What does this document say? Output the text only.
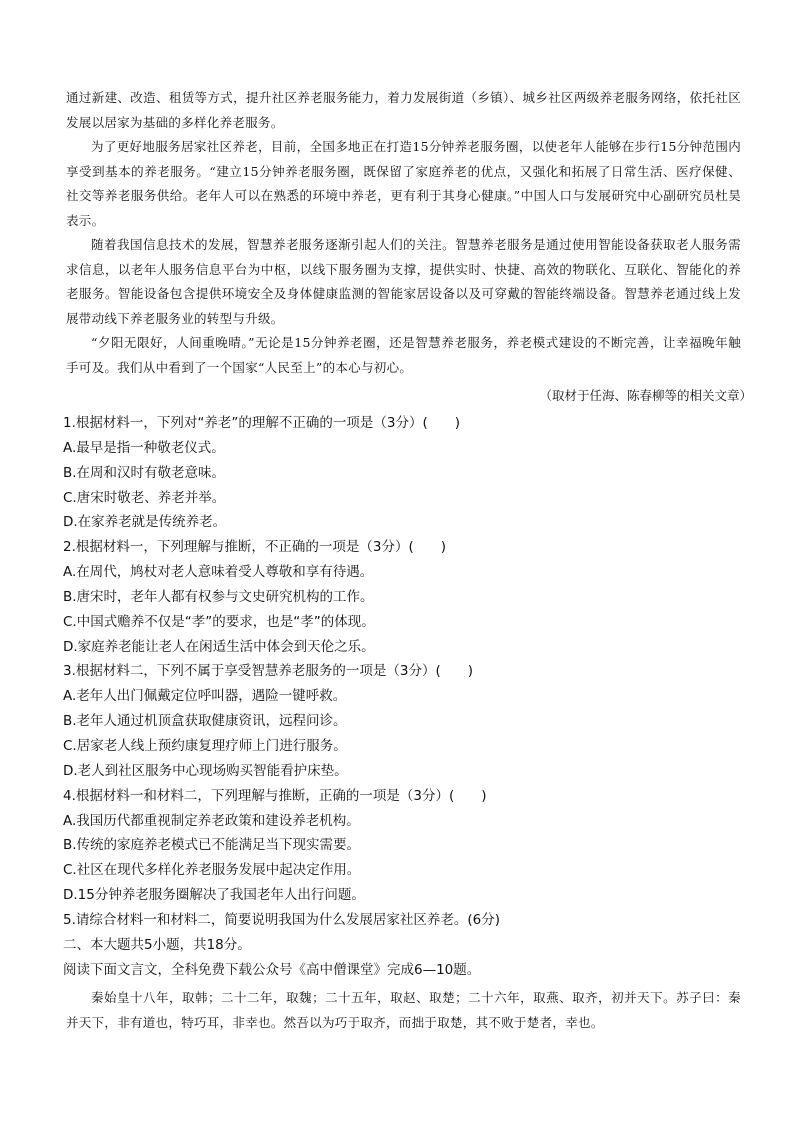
通过新建、改造、租赁等方式，提升社区养老服务能力，着力发展街道（乡镇）、城乡社区两级养老服务网络，依托社区发展以居家为基础的多样化养老服务。

为了更好地服务居家社区养老，目前，全国多地正在打造15分钟养老服务圈，以使老年人能够在步行15分钟范围内享受到基本的养老服务。“建立15分钟养老服务圈，既保留了家庭养老的优点，又强化和拓展了日常生活、医疗保健、社交等养老服务供给。老年人可以在熟悉的环境中养老，更有利于其身心健康。”中国人口与发展研究中心副研究员杜昊表示。

随着我国信息技术的发展，智慧养老服务逐渐引起人们的关注。智慧养老服务是通过使用智能设备获取老人服务需求信息，以老年人服务信息平台为中枢，以线下服务圈为支撑，提供实时、快捷、高效的物联化、互联化、智能化的养老服务。智能设备包含提供环境安全及身体健康监测的智能家居设备以及可穿戴的智能终端设备。智慧养老通过线上发展带动线下养老服务业的转型与升级。

“夕阳无限好，人间重晚晴。”无论是15分钟养老圈，还是智慧养老服务，养老模式建设的不断完善，让幸福晚年触手可及。我们从中看到了一个国家“人民至上”的本心与初心。

（取材于任海、陈春柳等的相关文章）

1.根据材料一，下列对“养老”的理解不正确的一项是（3分）(　　)
A.最早是指一种敬老仪式。
B.在周和汉时有敬老意味。
C.唐宋时敬老、养老并举。
D.在家养老就是传统养老。
2.根据材料一，下列理解与推断，不正确的一项是（3分）(　　)
A.在周代，鸠杖对老人意味着受人尊敬和享有待遇。
B.唐宋时，老年人都有权参与文史研究机构的工作。
C.中国式赡养不仅是“孝”的要求，也是“孝”的体现。
D.家庭养老能让老人在闲适生活中体会到天伦之乐。
3.根据材料二，下列不属于享受智慧养老服务的一项是（3分）(　　)
A.老年人出门佩戴定位呼叫器，遇险一键呼救。
B.老年人通过机顶盒获取健康资讯，远程问诊。
C.居家老人线上预约康复理疗师上门进行服务。
D.老人到社区服务中心现场购买智能看护床垫。
4.根据材料一和材料二，下列理解与推断，正确的一项是（3分）(　　)
A.我国历代都重视制定养老政策和建设养老机构。
B.传统的家庭养老模式已不能满足当下现实需要。
C.社区在现代多样化养老服务发展中起决定作用。
D.15分钟养老服务圈解决了我国老年人出行问题。
5.请综合材料一和材料二，简要说明我国为什么发展居家社区养老。(6分)
二、本大题共5小题，共18分。
阅读下面文言文，全科免费下载公众号《高中僧课堂》完成6—10题。

秦始皇十八年，取韩；二十二年，取魏；二十五年，取赵、取楚；二十六年，取燕、取齐，初并天下。苏子曰：秦并天下，非有道也，特巧耳，非幸也。然吾以为巧于取齐，而拙于取楚，其不败于楚者，幸也。
